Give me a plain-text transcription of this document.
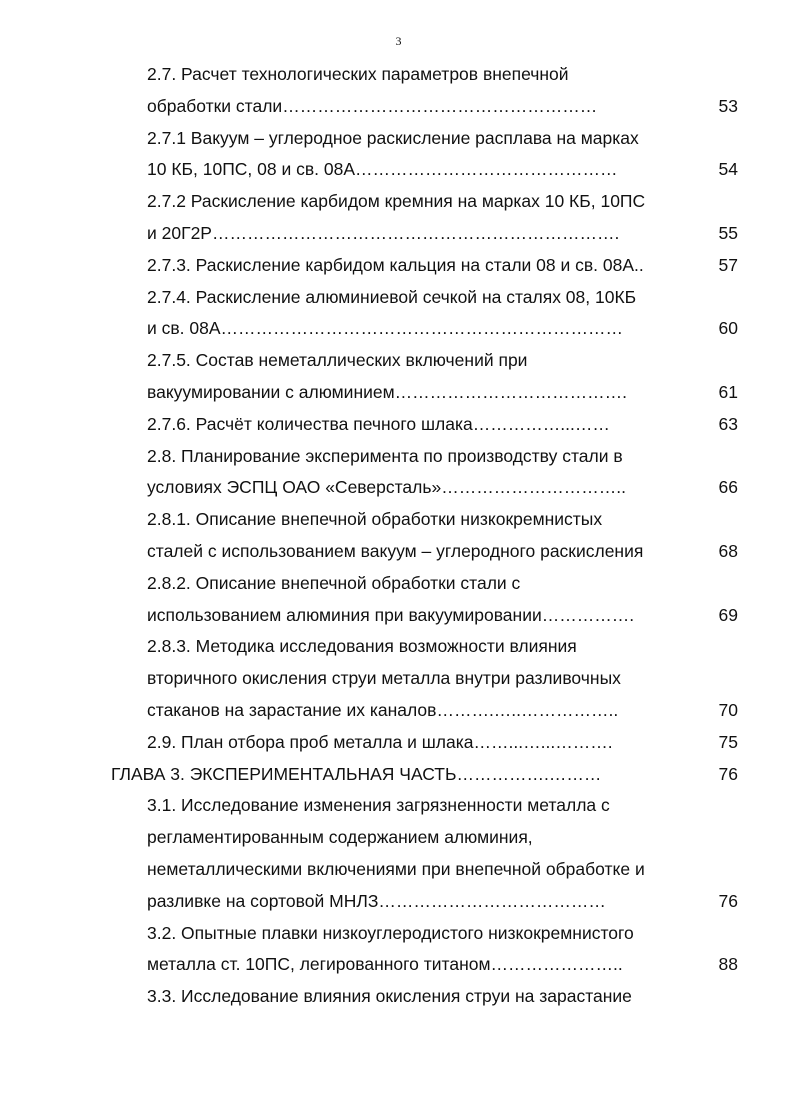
3
2.7. Расчет технологических параметров внепечной
обработки стали………………………………………………	53
2.7.1 Вакуум – углеродное раскисление расплава на марках
10 КБ, 10ПС, 08 и св. 08А………………………………………	54
2.7.2 Раскисление карбидом кремния на марках 10 КБ, 10ПС
и 20Г2Р…………………………………………………………….	55
2.7.3. Раскисление карбидом кальция на стали 08 и св. 08А..	57
2.7.4. Раскисление алюминиевой сечкой на сталях 08, 10КБ
и св. 08А……………………………………………………………	60
2.7.5. Состав неметаллических включений при
вакуумировании с алюминием………………………………….	61
2.7.6. Расчёт количества печного шлака……………...……	63
2.8. Планирование эксперимента по производству стали в
условиях ЭСПЦ ОАО «Северсталь»…………………………..	66
2.8.1. Описание внепечной обработки низкокремнистых
сталей с использованием вакуум – углеродного раскисления	68
2.8.2. Описание внепечной обработки стали с
использованием алюминия при вакуумировании…………….	69
2.8.3. Методика исследования возможности влияния
вторичного окисления струи металла внутри разливочных
стаканов на зарастание их каналов……….…..……………..	70
2.9. План отбора проб металла и шлака……...…...……….	75
ГЛАВА 3. ЭКСПЕРИМЕНТАЛЬНАЯ ЧАСТЬ…………….………	76
3.1. Исследование изменения загрязненности металла с
регламентированным содержанием алюминия,
неметаллическими включениями при внепечной обработке и
разливке на сортовой МНЛЗ…………………………………	76
3.2. Опытные плавки низкоуглеродистого низкокремнистого
металла ст. 10ПС, легированного титаном…………………..	88
3.3. Исследование влияния окисления струи на зарастание
